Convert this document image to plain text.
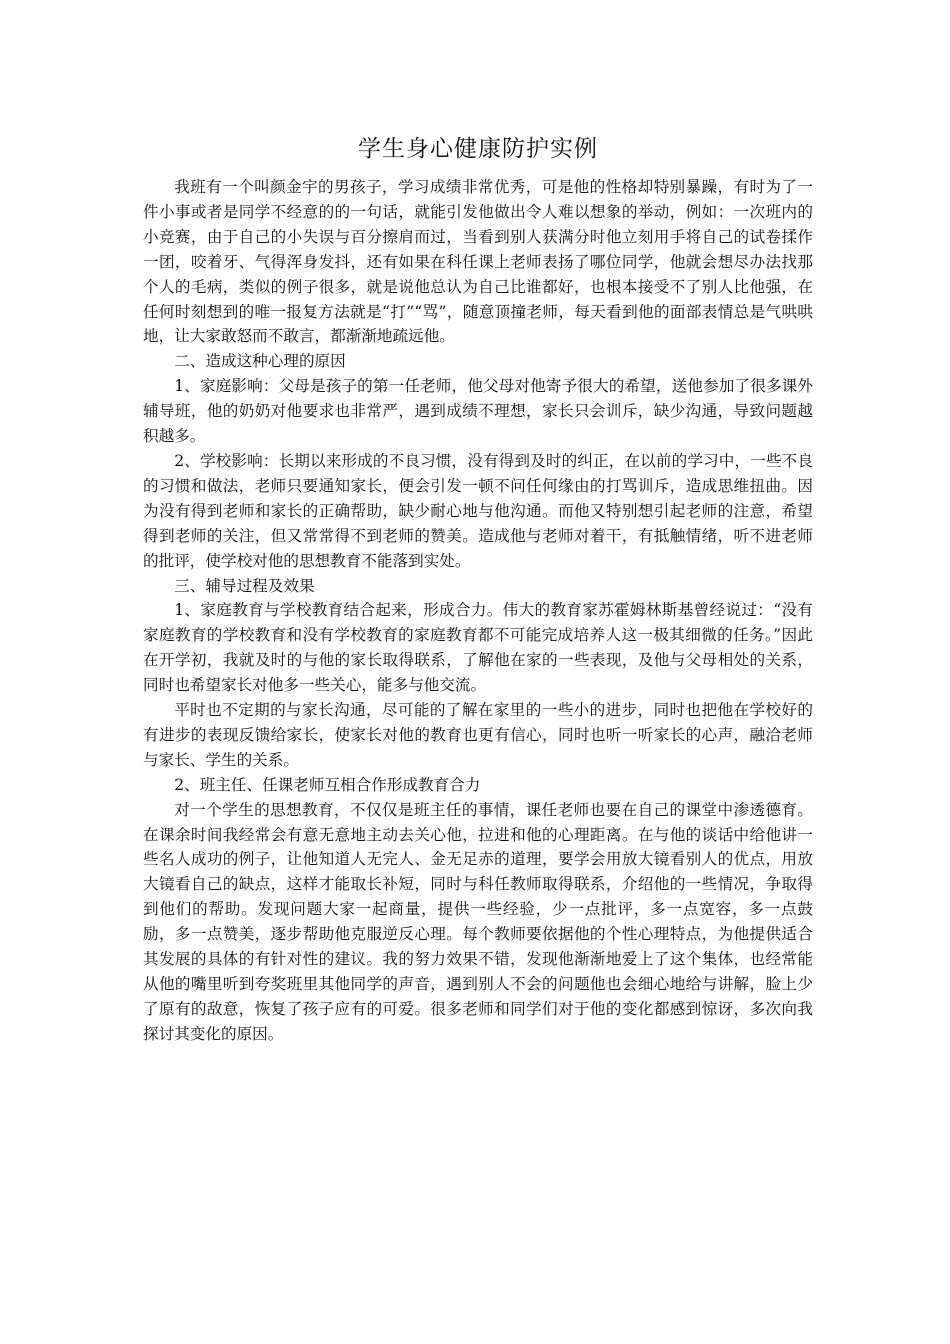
学生身心健康防护实例

我班有一个叫颜金宇的男孩子，学习成绩非常优秀，可是他的性格却特别暴躁，有时为了一件小事或者是同学不经意的的一句话，就能引发他做出令人难以想象的举动，例如：一次班内的小竞赛，由于自己的小失误与百分擦肩而过，当看到别人获满分时他立刻用手将自己的试卷揉作一团，咬着牙、气得浑身发抖，还有如果在科任课上老师表扬了哪位同学，他就会想尽办法找那个人的毛病，类似的例子很多，就是说他总认为自己比谁都好，也根本接受不了别人比他强，在任何时刻想到的唯一报复方法就是“打”“骂”，随意顶撞老师，每天看到他的面部表情总是气哄哄地，让大家敢怒而不敢言，都渐渐地疏远他。

二、造成这种心理的原因

1、家庭影响：父母是孩子的第一任老师，他父母对他寄予很大的希望，送他参加了很多课外辅导班，他的奶奶对他要求也非常严，遇到成绩不理想，家长只会训斥，缺少沟通，导致问题越积越多。

2、学校影响：长期以来形成的不良习惯，没有得到及时的纠正，在以前的学习中，一些不良的习惯和做法，老师只要通知家长，便会引发一顿不问任何缘由的打骂训斥，造成思维扭曲。因为没有得到老师和家长的正确帮助，缺少耐心地与他沟通。而他又特别想引起老师的注意，希望得到老师的关注，但又常常得不到老师的赞美。造成他与老师对着干，有抵触情绪，听不进老师的批评，使学校对他的思想教育不能落到实处。

三、辅导过程及效果

1、家庭教育与学校教育结合起来，形成合力。伟大的教育家苏霍姆林斯基曾经说过：“没有家庭教育的学校教育和没有学校教育的家庭教育都不可能完成培养人这一极其细微的任务。”因此在开学初，我就及时的与他的家长取得联系，了解他在家的一些表现，及他与父母相处的关系，同时也希望家长对他多一些关心，能多与他交流。

平时也不定期的与家长沟通，尽可能的了解在家里的一些小的进步，同时也把他在学校好的有进步的表现反馈给家长，使家长对他的教育也更有信心，同时也听一听家长的心声，融洽老师与家长、学生的关系。

2、班主任、任课老师互相合作形成教育合力

对一个学生的思想教育，不仅仅是班主任的事情，课任老师也要在自己的课堂中渗透德育。在课余时间我经常会有意无意地主动去关心他，拉进和他的心理距离。在与他的谈话中给他讲一些名人成功的例子，让他知道人无完人、金无足赤的道理，要学会用放大镜看别人的优点，用放大镜看自己的缺点，这样才能取长补短，同时与科任教师取得联系，介绍他的一些情况，争取得到他们的帮助。发现问题大家一起商量，提供一些经验，少一点批评，多一点宽容，多一点鼓励，多一点赞美，逐步帮助他克服逆反心理。每个教师要依据他的个性心理特点，为他提供适合其发展的具体的有针对性的建议。我的努力效果不错，发现他渐渐地爱上了这个集体，也经常能从他的嘴里听到夸奖班里其他同学的声音，遇到别人不会的问题他也会细心地给与讲解，脸上少了原有的敌意，恢复了孩子应有的可爱。很多老师和同学们对于他的变化都感到惊讶，多次向我探讨其变化的原因。
